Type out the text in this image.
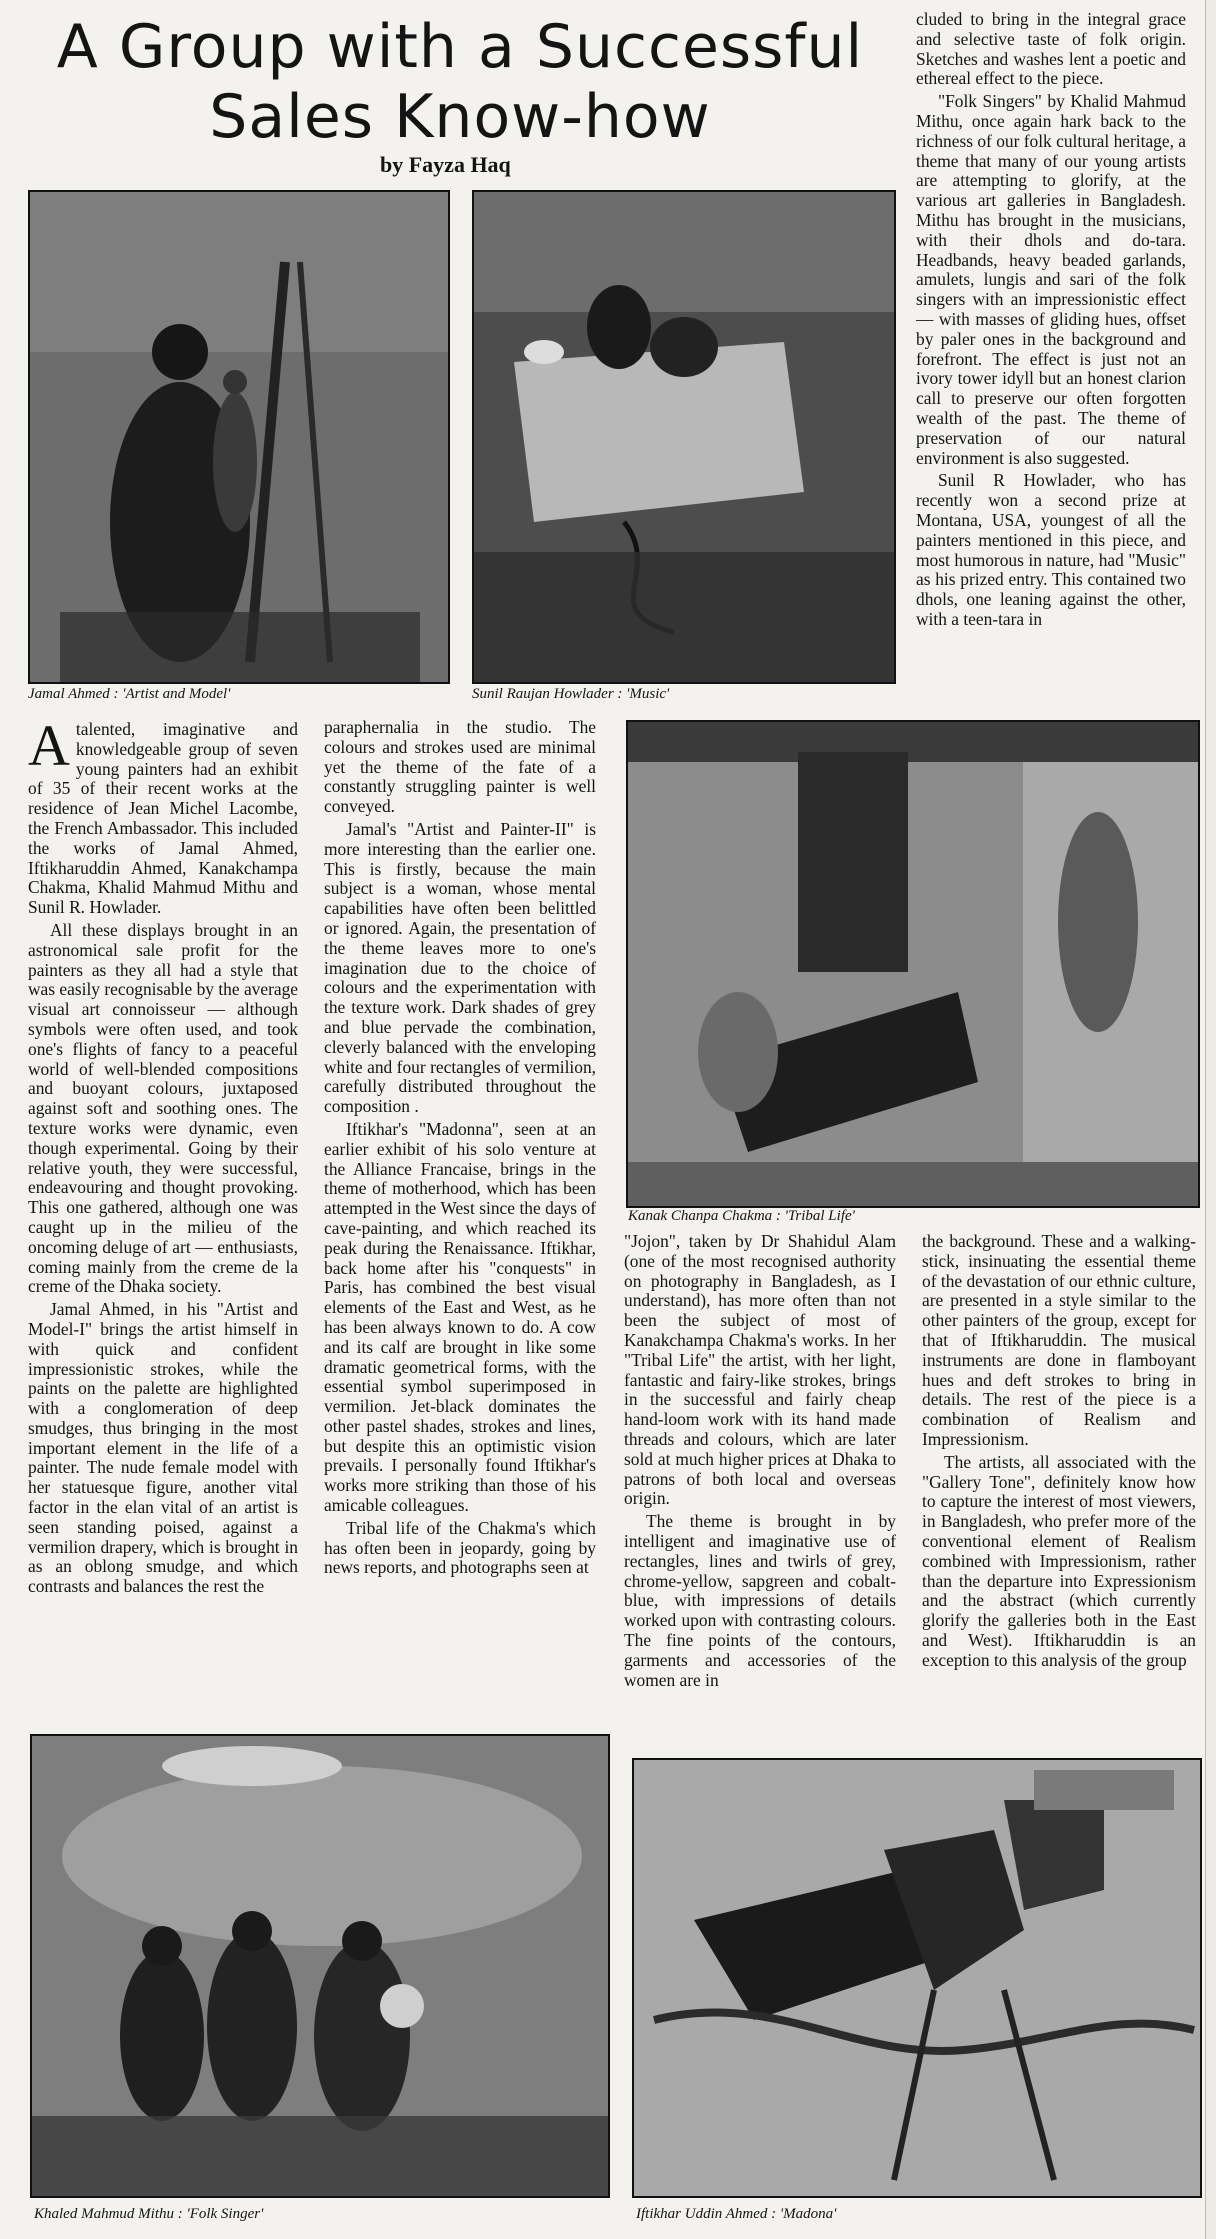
A Group with a Successful
Sales Know-how
by Fayza Haq
Jamal Ahmed : 'Artist and Model'	Sunil Raujan Howlader : 'Music'
Kanak Chanpa Chakma : 'Tribal Life'
Khaled Mahmud Mithu : 'Folk Singer'	Iftikhar Uddin Ahmed : 'Madona'

Atalented, imaginative and knowledgeable group of seven young painters had an exhibit of 35 of their recent works at the residence of Jean Michel Lacombe, the French Ambassador. This included the works of Jamal Ahmed, Iftikharuddin Ahmed, Kanakchampa Chakma, Khalid Mahmud Mithu and Sunil R. Howlader.

All these displays brought in an astronomical sale profit for the painters as they all had a style that was easily recognisable by the average visual art connoisseur — although symbols were often used, and took one's flights of fancy to a peaceful world of well-blended compositions and buoyant colours, juxtaposed against soft and soothing ones. The texture works were dynamic, even though experimental. Going by their relative youth, they were successful, endeavouring and thought provoking. This one gathered, although one was caught up in the milieu of the oncoming deluge of art — enthusiasts, coming mainly from the creme de la creme of the Dhaka society.

Jamal Ahmed, in his "Artist and Model-I" brings the artist himself in with quick and confident impressionistic strokes, while the paints on the palette are highlighted with a conglomeration of deep smudges, thus bringing in the most important element in the life of a painter. The nude female model with her statuesque figure, another vital factor in the elan vital of an artist is seen standing poised, against a vermilion drapery, which is brought in as an oblong smudge, and which contrasts and balances the rest the

paraphernalia in the studio. The colours and strokes used are minimal yet the theme of the fate of a constantly struggling painter is well conveyed.

Jamal's "Artist and Painter-II" is more interesting than the earlier one. This is firstly, because the main subject is a woman, whose mental capabilities have often been belittled or ignored. Again, the presentation of the theme leaves more to one's imagination due to the choice of colours and the experimentation with the texture work. Dark shades of grey and blue pervade the combination, cleverly balanced with the enveloping white and four rectangles of vermilion, carefully distributed throughout the composition .

Iftikhar's "Madonna", seen at an earlier exhibit of his solo venture at the Alliance Francaise, brings in the theme of motherhood, which has been attempted in the West since the days of cave-painting, and which reached its peak during the Renaissance. Iftikhar, back home after his "conquests" in Paris, has combined the best visual elements of the East and West, as he has been always known to do. A cow and its calf are brought in like some dramatic geometrical forms, with the essential symbol superimposed in vermilion. Jet-black dominates the other pastel shades, strokes and lines, but despite this an optimistic vision prevails. I personally found Iftikhar's works more striking than those of his amicable colleagues.

Tribal life of the Chakma's which has often been in jeopardy, going by news reports, and photographs seen at

"Jojon", taken by Dr Shahidul Alam (one of the most recognised authority on photography in Bangladesh, as I understand), has more often than not been the subject of most of Kanakchampa Chakma's works. In her "Tribal Life" the artist, with her light, fantastic and fairy-like strokes, brings in the successful and fairly cheap hand-loom work with its hand made threads and colours, which are later sold at much higher prices at Dhaka to patrons of both local and overseas origin.

The theme is brought in by intelligent and imaginative use of rectangles, lines and twirls of grey, chrome-yellow, sapgreen and cobalt-blue, with impressions of details worked upon with contrasting colours. The fine points of the contours, garments and accessories of the women are in

the background. These and a walking-stick, insinuating the essential theme of the devastation of our ethnic culture, are presented in a style similar to the other painters of the group, except for that of Iftikharuddin. The musical instruments are done in flamboyant hues and deft strokes to bring in details. The rest of the piece is a combination of Realism and Impressionism.

The artists, all associated with the "Gallery Tone", definitely know how to capture the interest of most viewers, in Bangladesh, who prefer more of the conventional element of Realism combined with Impressionism, rather than the departure into Expressionism and the abstract (which currently glorify the galleries both in the East and West). Iftikharuddin is an exception to this analysis of the group

cluded to bring in the integral grace and selective taste of folk origin. Sketches and washes lent a poetic and ethereal effect to the piece.

"Folk Singers" by Khalid Mahmud Mithu, once again hark back to the richness of our folk cultural heritage, a theme that many of our young artists are attempting to glorify, at the various art galleries in Bangladesh. Mithu has brought in the musicians, with their dhols and do-tara. Headbands, heavy beaded garlands, amulets, lungis and sari of the folk singers with an impressionistic effect — with masses of gliding hues, offset by paler ones in the background and forefront. The effect is just not an ivory tower idyll but an honest clarion call to preserve our often forgotten wealth of the past. The theme of preservation of our natural environment is also suggested.

Sunil R Howlader, who has recently won a second prize at Montana, USA, youngest of all the painters mentioned in this piece, and most humorous in nature, had "Music" as his prized entry. This contained two dhols, one leaning against the other, with a teen-tara in
